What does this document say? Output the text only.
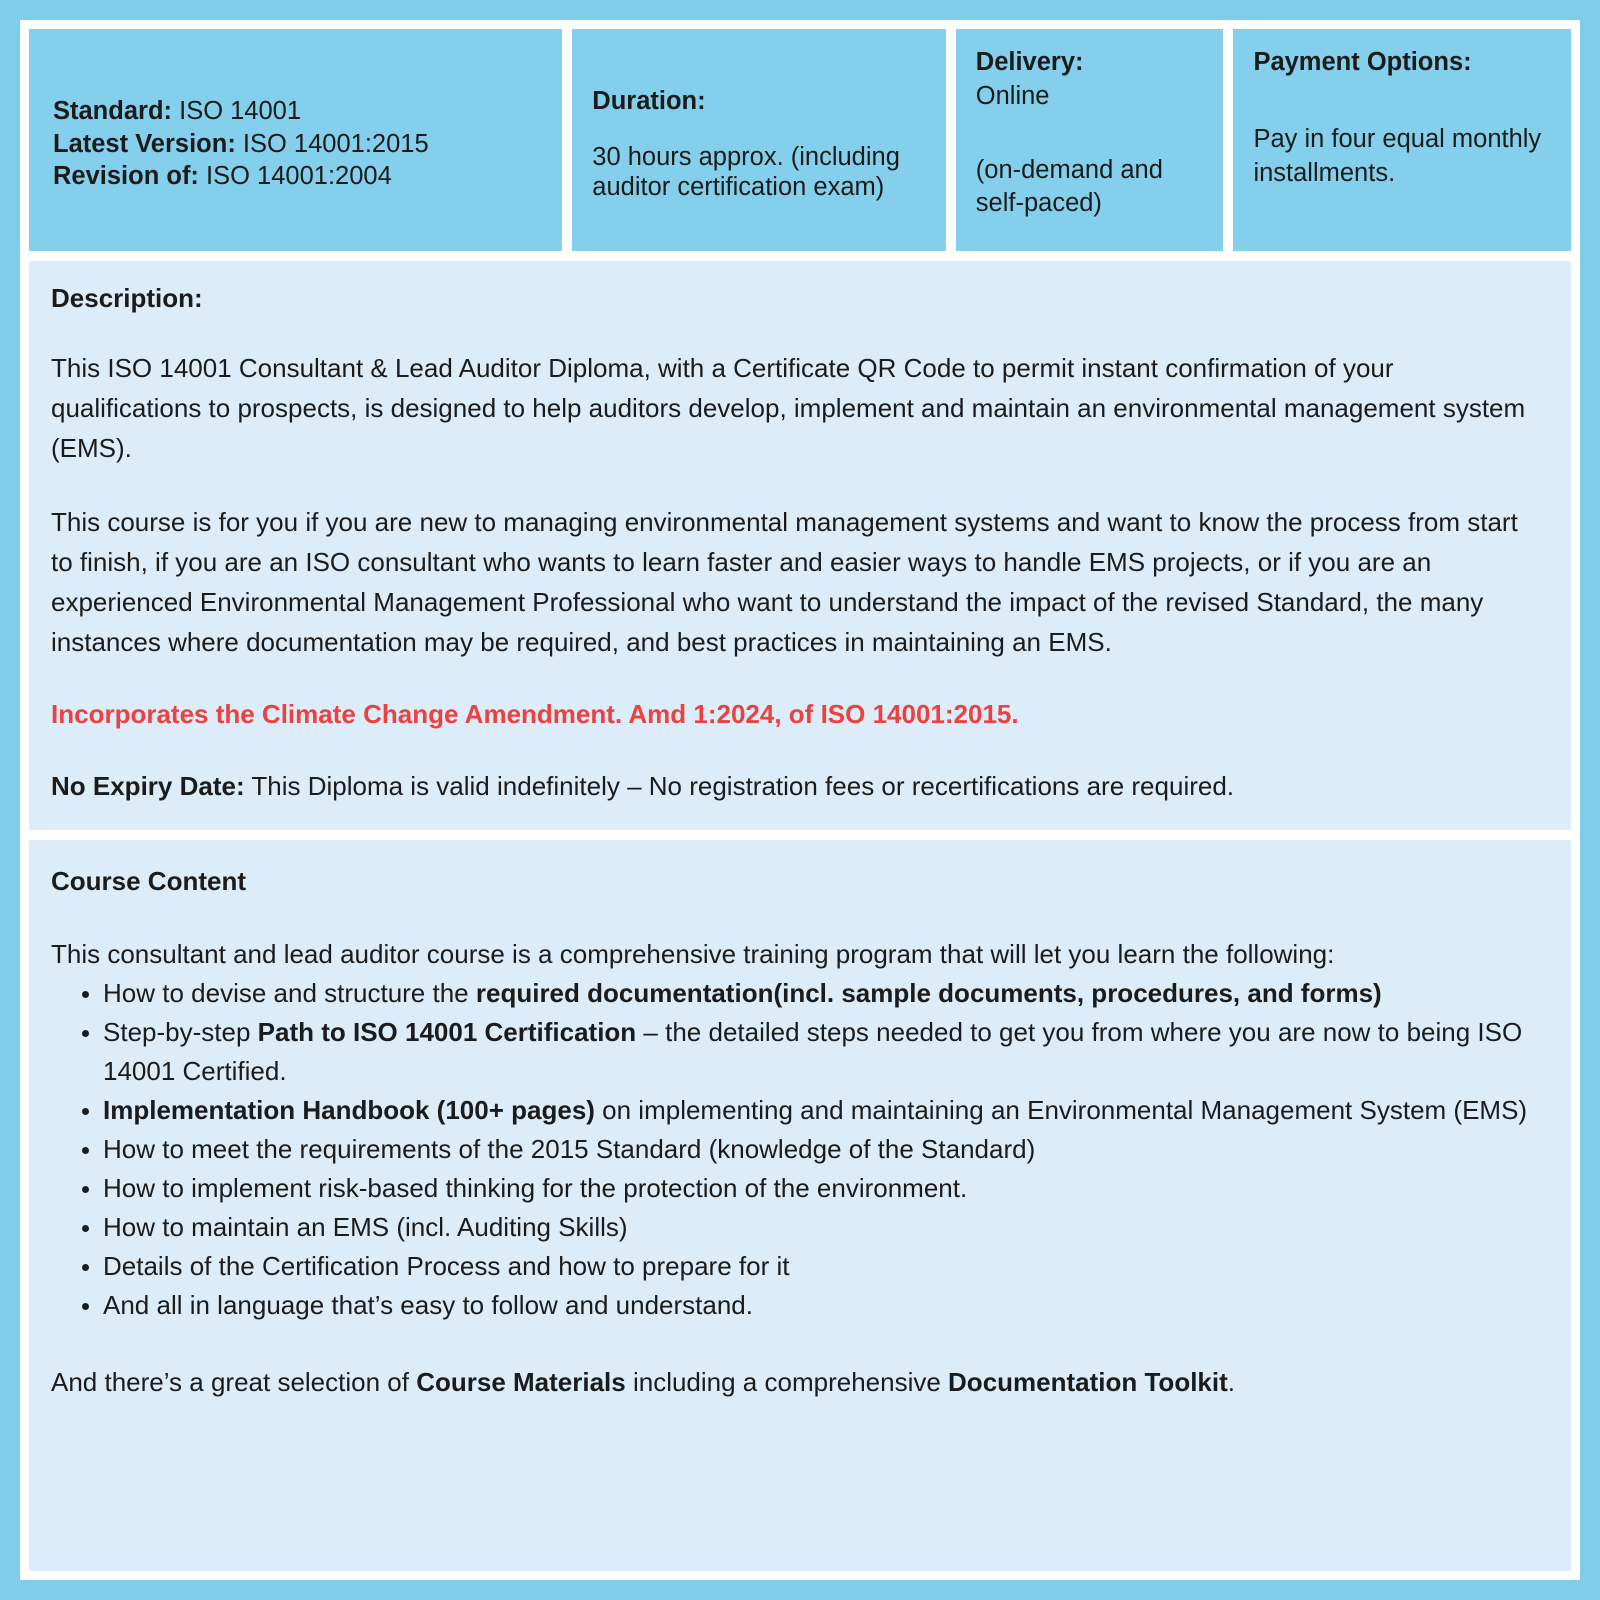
Standard: ISO 14001
Latest Version: ISO 14001:2015
Revision of: ISO 14001:2004
Duration:
30 hours approx. (including auditor certification exam)
Delivery:
Online
(on-demand and self-paced)
Payment Options:
Pay in four equal monthly installments.
Description:
This ISO 14001 Consultant & Lead Auditor Diploma, with a Certificate QR Code to permit instant confirmation of your qualifications to prospects, is designed to help auditors develop, implement and maintain an environmental management system (EMS).
This course is for you if you are new to managing environmental management systems and want to know the process from start to finish, if you are an ISO consultant who wants to learn faster and easier ways to handle EMS projects, or if you are an experienced Environmental Management Professional who want to understand the impact of the revised Standard, the many instances where documentation may be required, and best practices in maintaining an EMS.
Incorporates the Climate Change Amendment. Amd 1:2024, of ISO 14001:2015.
No Expiry Date: This Diploma is valid indefinitely – No registration fees or recertifications are required.
Course Content
This consultant and lead auditor course is a comprehensive training program that will let you learn the following:
• How to devise and structure the required documentation(incl. sample documents, procedures, and forms)
• Step-by-step Path to ISO 14001 Certification – the detailed steps needed to get you from where you are now to being ISO 14001 Certified.
• Implementation Handbook (100+ pages) on implementing and maintaining an Environmental Management System (EMS)
• How to meet the requirements of the 2015 Standard (knowledge of the Standard)
• How to implement risk-based thinking for the protection of the environment.
• How to maintain an EMS (incl. Auditing Skills)
• Details of the Certification Process and how to prepare for it
• And all in language that’s easy to follow and understand.
And there’s a great selection of Course Materials including a comprehensive Documentation Toolkit.
